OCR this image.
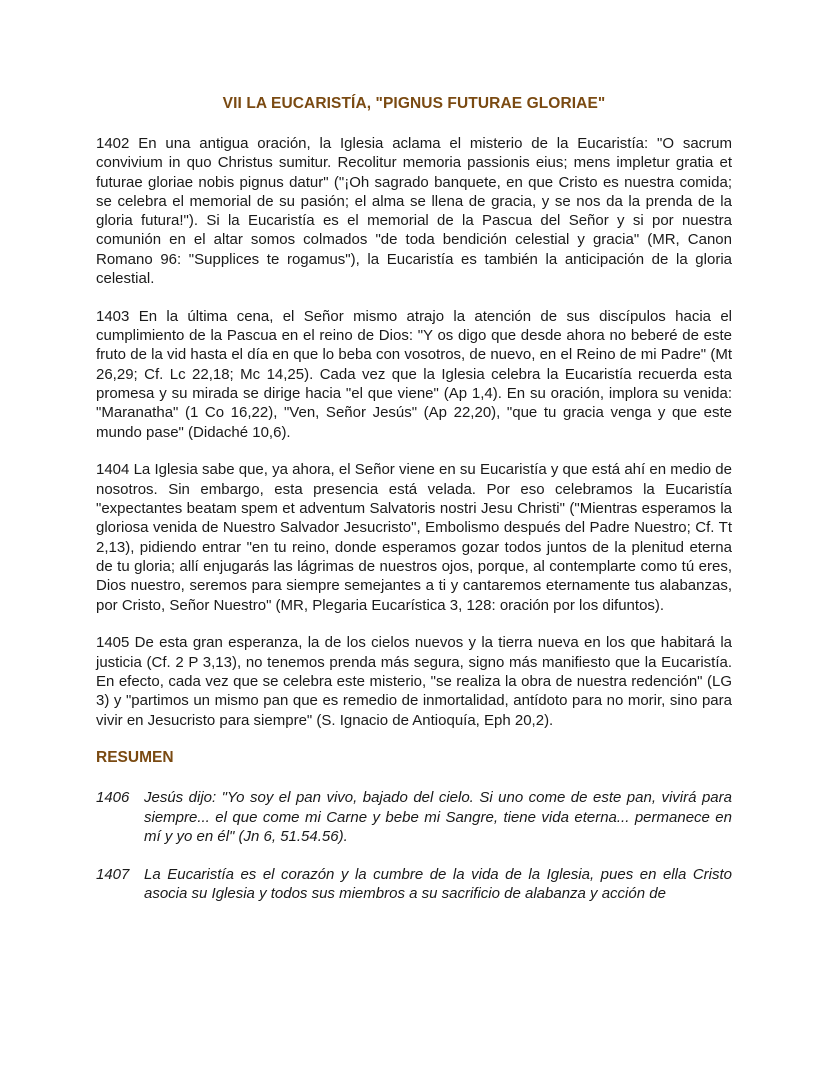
VII LA EUCARISTÍA, "PIGNUS FUTURAE GLORIAE"

1402 En una antigua oración, la Iglesia aclama el misterio de la Eucaristía: "O sacrum convivium in quo Christus sumitur. Recolitur memoria passionis eius; mens impletur gratia et futurae gloriae nobis pignus datur" ("¡Oh sagrado banquete, en que Cristo es nuestra comida; se celebra el memorial de su pasión; el alma se llena de gracia, y se nos da la prenda de la gloria futura!"). Si la Eucaristía es el memorial de la Pascua del Señor y si por nuestra comunión en el altar somos colmados "de toda bendición celestial y gracia" (MR, Canon Romano 96: "Supplices te rogamus"), la Eucaristía es también la anticipación de la gloria celestial.

1403 En la última cena, el Señor mismo atrajo la atención de sus discípulos hacia el cumplimiento de la Pascua en el reino de Dios: "Y os digo que desde ahora no beberé de este fruto de la vid hasta el día en que lo beba con vosotros, de nuevo, en el Reino de mi Padre" (Mt 26,29; Cf. Lc 22,18; Mc 14,25). Cada vez que la Iglesia celebra la Eucaristía recuerda esta promesa y su mirada se dirige hacia "el que viene" (Ap 1,4). En su oración, implora su venida: "Maranatha" (1 Co 16,22), "Ven, Señor Jesús" (Ap 22,20), "que tu gracia venga y que este mundo pase" (Didaché 10,6).

1404 La Iglesia sabe que, ya ahora, el Señor viene en su Eucaristía y que está ahí en medio de nosotros. Sin embargo, esta presencia está velada. Por eso celebramos la Eucaristía "expectantes beatam spem et adventum Salvatoris nostri Jesu Christi" ("Mientras esperamos la gloriosa venida de Nuestro Salvador Jesucristo", Embolismo después del Padre Nuestro; Cf. Tt 2,13), pidiendo entrar "en tu reino, donde esperamos gozar todos juntos de la plenitud eterna de tu gloria; allí enjugarás las lágrimas de nuestros ojos, porque, al contemplarte como tú eres, Dios nuestro, seremos para siempre semejantes a ti y cantaremos eternamente tus alabanzas, por Cristo, Señor Nuestro" (MR, Plegaria Eucarística 3, 128: oración por los difuntos).

1405 De esta gran esperanza, la de los cielos nuevos y la tierra nueva en los que habitará la justicia (Cf. 2 P 3,13), no tenemos prenda más segura, signo más manifiesto que la Eucaristía. En efecto, cada vez que se celebra este misterio, "se realiza la obra de nuestra redención" (LG 3) y "partimos un mismo pan que es remedio de inmortalidad, antídoto para no morir, sino para vivir en Jesucristo para siempre" (S. Ignacio de Antioquía, Eph 20,2).

RESUMEN
1406 Jesús dijo: "Yo soy el pan vivo, bajado del cielo. Si uno come de este pan, vivirá para siempre... el que come mi Carne y bebe mi Sangre, tiene vida eterna... permanece en mí y yo en él" (Jn 6, 51.54.56).
1407 La Eucaristía es el corazón y la cumbre de la vida de la Iglesia, pues en ella Cristo asocia su Iglesia y todos sus miembros a su sacrificio de alabanza y acción de
